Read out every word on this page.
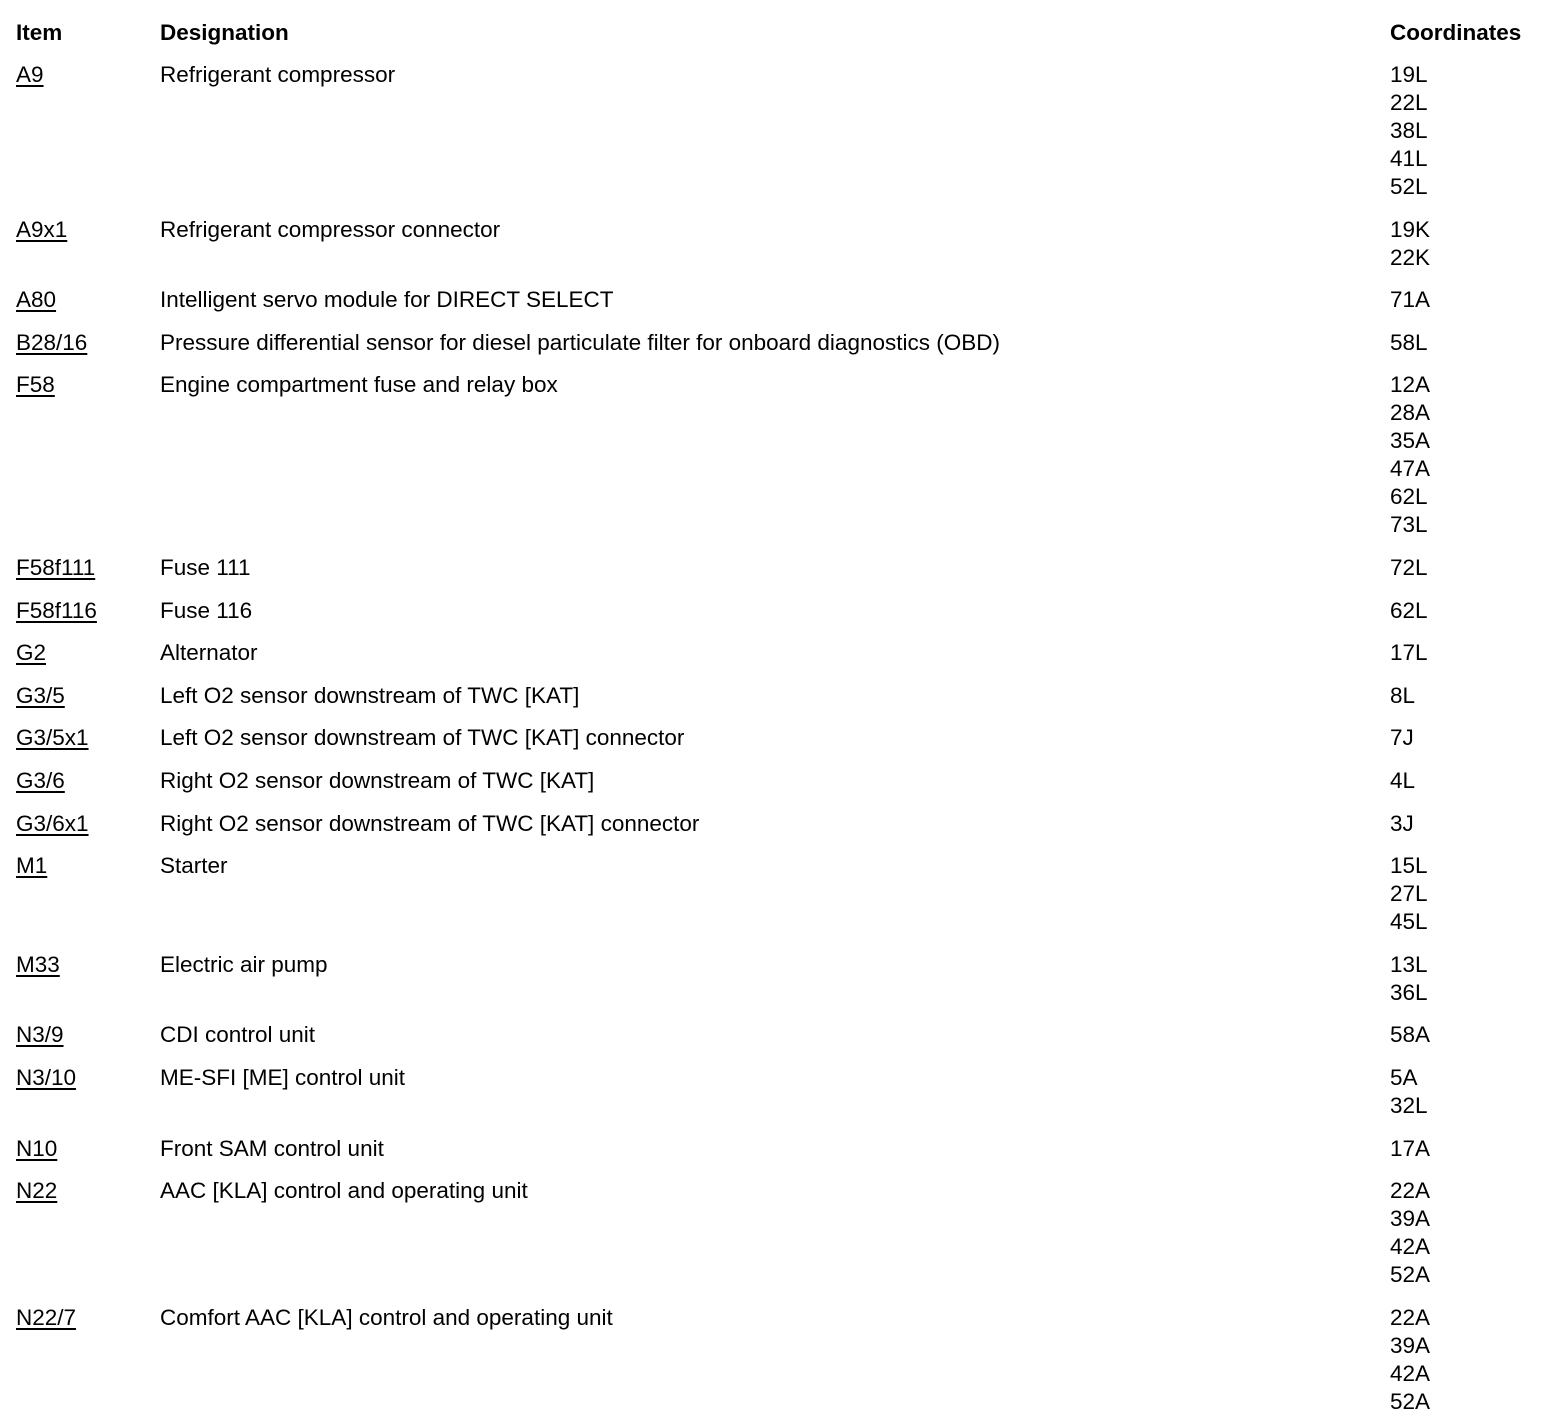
Item	Designation	Coordinates
A9	Refrigerant compressor	19L
22L
38L
41L
52L
A9x1	Refrigerant compressor connector	19K
22K
A80	Intelligent servo module for DIRECT SELECT	71A
B28/16	Pressure differential sensor for diesel particulate filter for onboard diagnostics (OBD)	58L
F58	Engine compartment fuse and relay box	12A
28A
35A
47A
62L
73L
F58f111	Fuse 111	72L
F58f116	Fuse 116	62L
G2	Alternator	17L
G3/5	Left O2 sensor downstream of TWC [KAT]	8L
G3/5x1	Left O2 sensor downstream of TWC [KAT] connector	7J
G3/6	Right O2 sensor downstream of TWC [KAT]	4L
G3/6x1	Right O2 sensor downstream of TWC [KAT] connector	3J
M1	Starter	15L
27L
45L
M33	Electric air pump	13L
36L
N3/9	CDI control unit	58A
N3/10	ME-SFI [ME] control unit	5A
32L
N10	Front SAM control unit	17A
N22	AAC [KLA] control and operating unit	22A
39A
42A
52A
N22/7	Comfort AAC [KLA] control and operating unit	22A
39A
42A
52A
